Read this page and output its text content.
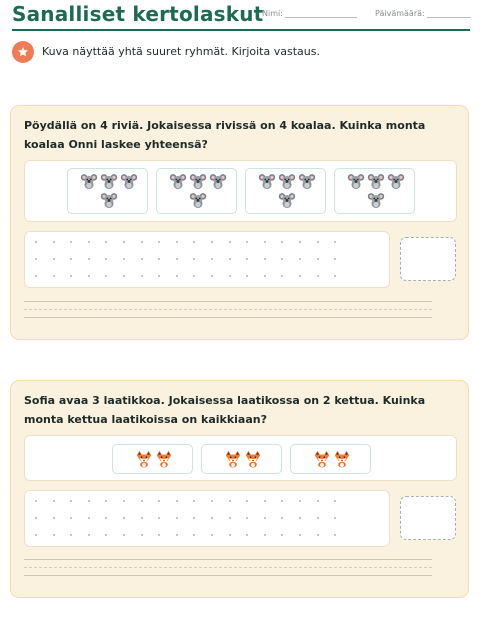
Sanalliset kertolaskut
Nimi:	Päivämäärä:
Kuva näyttää yhtä suuret ryhmät. Kirjoita vastaus.
Pöydällä on 4 riviä. Jokaisessa rivissä on 4 koalaa. Kuinka monta koalaa Onni laskee yhteensä?
Sofia avaa 3 laatikkoa. Jokaisessa laatikossa on 2 kettua. Kuinka monta kettua laatikoissa on kaikkiaan?
